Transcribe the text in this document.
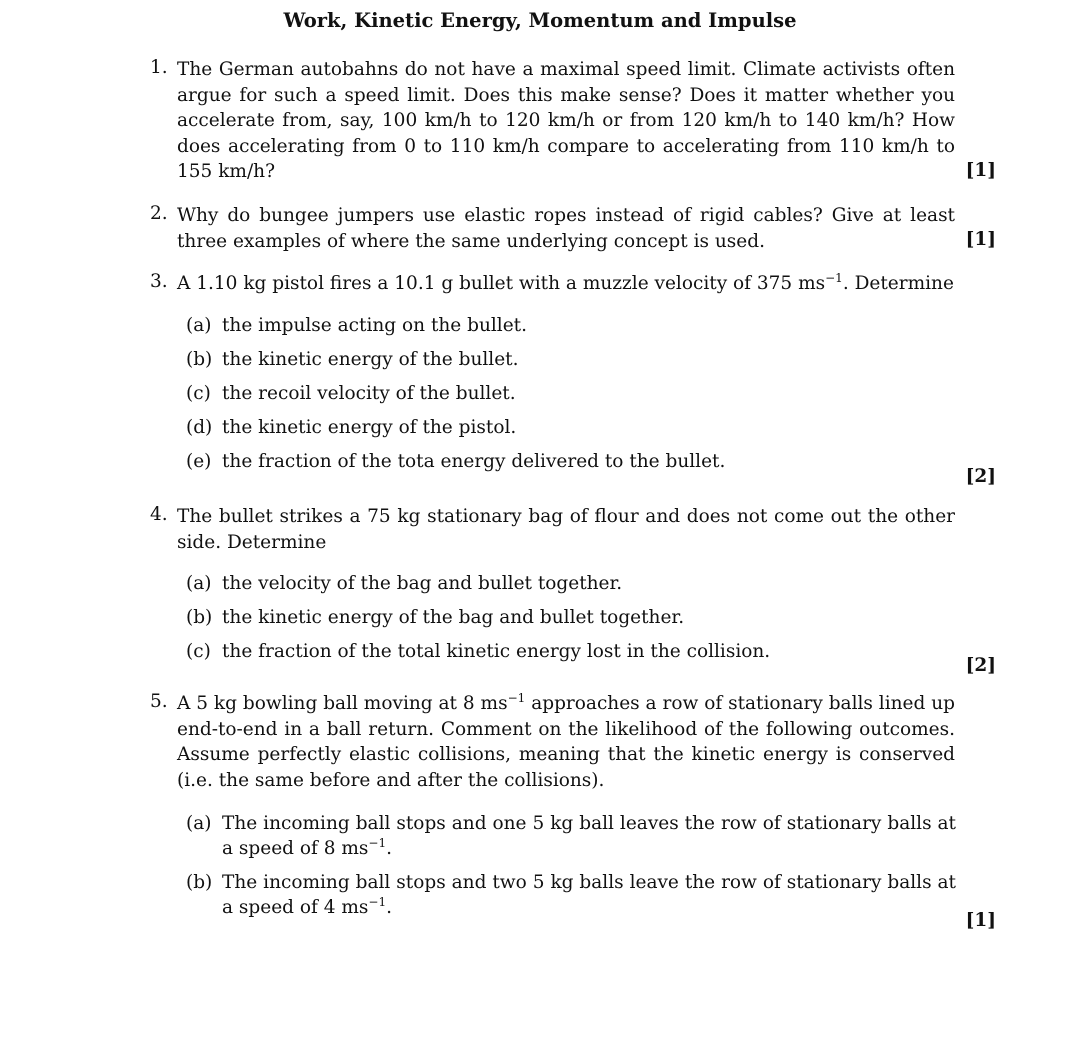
Work, Kinetic Energy, Momentum and Impulse
1. The German autobahns do not have a maximal speed limit. Climate activists often argue for such a speed limit. Does this make sense? Does it matter whether you accelerate from, say, 100 km/h to 120 km/h or from 120 km/h to 140 km/h? How does accelerating from 0 to 110 km/h compare to accelerating from 110 km/h to 155 km/h?	[1]
2. Why do bungee jumpers use elastic ropes instead of rigid cables? Give at least three examples of where the same underlying concept is used.	[1]
3. A 1.10 kg pistol fires a 10.1 g bullet with a muzzle velocity of 375 $ms^{-1}$. Determine
(a) the impulse acting on the bullet.
(b) the kinetic energy of the bullet.
(c) the recoil velocity of the bullet.
(d) the kinetic energy of the pistol.
(e) the fraction of the tota energy delivered to the bullet.
[2]
4. The bullet strikes a 75 kg stationary bag of flour and does not come out the other side. Determine
(a) the velocity of the bag and bullet together.
(b) the kinetic energy of the bag and bullet together.
(c) the fraction of the total kinetic energy lost in the collision.
[2]
5. A 5 kg bowling ball moving at 8 $ms^{-1}$ approaches a row of stationary balls lined up end-to-end in a ball return. Comment on the likelihood of the following outcomes. Assume perfectly elastic collisions, meaning that the kinetic energy is conserved (i.e. the same before and after the collisions).
(a) The incoming ball stops and one 5 kg ball leaves the row of stationary balls at a speed of 8 $ms^{-1}$.
(b) The incoming ball stops and two 5 kg balls leave the row of stationary balls at a speed of 4 $ms^{-1}$.
[1]
